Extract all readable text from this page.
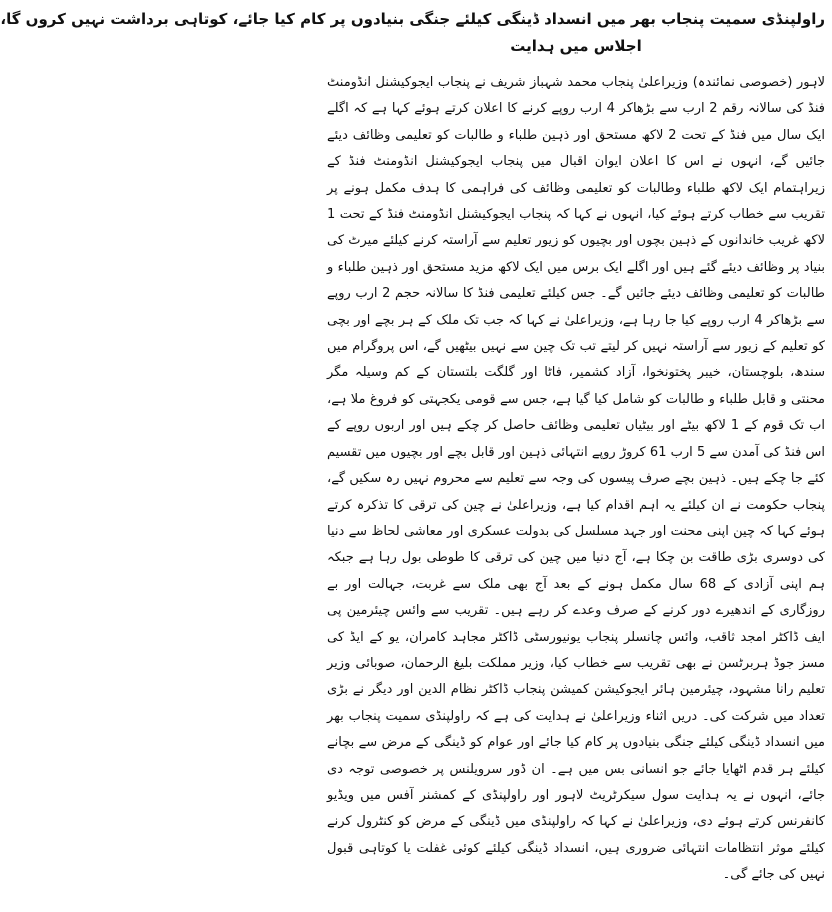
راولپنڈی سمیت پنجاب بھر میں انسداد ڈینگی کیلئے جنگی بنیادوں پر کام کیا جائے، کوتاہی برداشت نہیں کروں گا،
اجلاس میں ہدایت

لاہور (خصوصی نمائندہ) وزیراعلیٰ پنجاب محمد شہباز شریف نے پنجاب ایجوکیشنل انڈومنٹ فنڈ کی سالانہ رقم 2 ارب سے بڑھاکر 4 ارب روپے کرنے کا اعلان کرتے ہوئے کہا ہے کہ اگلے ایک سال میں فنڈ کے تحت 2 لاکھ مستحق اور ذہین طلباء و طالبات کو تعلیمی وظائف دیئے جائیں گے، انہوں نے اس کا اعلان ایوان اقبال میں پنجاب ایجوکیشنل انڈومنٹ فنڈ کے زیراہتمام ایک لاکھ طلباء وطالبات کو تعلیمی وظائف کی فراہمی کا ہدف مکمل ہونے پر تقریب سے خطاب کرتے ہوئے کیا، انہوں نے کہا کہ پنجاب ایجوکیشنل انڈومنٹ فنڈ کے تحت 1 لاکھ غریب خاندانوں کے ذہین بچوں اور بچیوں کو زیور تعلیم سے آراستہ کرنے کیلئے میرٹ کی بنیاد پر وظائف دیئے گئے ہیں اور اگلے ایک برس میں ایک لاکھ مزید مستحق اور ذہین طلباء و طالبات کو تعلیمی وظائف دیئے جائیں گے۔ جس کیلئے تعلیمی فنڈ کا سالانہ حجم 2 ارب روپے سے بڑھاکر 4 ارب روپے کیا جا رہا ہے، وزیراعلیٰ نے کہا کہ جب تک ملک کے ہر بچے اور بچی کو تعلیم کے زیور سے آراستہ نہیں کر لیتے تب تک چین سے نہیں بیٹھیں گے، اس پروگرام میں سندھ، بلوچستان، خیبر پختونخوا، آزاد کشمیر، فاٹا اور گلگت بلتستان کے کم وسیلہ مگر محنتی و قابل طلباء و طالبات کو شامل کیا گیا ہے، جس سے قومی یکجہتی کو فروغ ملا ہے، اب تک قوم کے 1 لاکھ بیٹے اور بیٹیاں تعلیمی وظائف حاصل کر چکے ہیں اور اربوں روپے کے اس فنڈ کی آمدن سے 5 ارب 61 کروڑ روپے انتہائی ذہین اور قابل بچے اور بچیوں میں تقسیم کئے جا چکے ہیں۔ ذہین بچے صرف پیسوں کی وجہ سے تعلیم سے محروم نہیں رہ سکیں گے، پنجاب حکومت نے ان کیلئے یہ اہم اقدام کیا ہے، وزیراعلیٰ نے چین کی ترقی کا تذکرہ کرتے ہوئے کہا کہ چین اپنی محنت اور جہد مسلسل کی بدولت عسکری اور معاشی لحاظ سے دنیا کی دوسری بڑی طاقت بن چکا ہے، آج دنیا میں چین کی ترقی کا طوطی بول رہا ہے جبکہ ہم اپنی آزادی کے 68 سال مکمل ہونے کے بعد آج بھی ملک سے غربت، جہالت اور بے روزگاری کے اندھیرے دور کرنے کے صرف وعدے کر رہے ہیں۔ تقریب سے وائس چیئرمین پی ایف ڈاکٹر امجد ثاقب، وائس چانسلر پنجاب یونیورسٹی ڈاکٹر مجاہد کامران، یو کے ایڈ کی مسز جوڈ ہربرٹسن نے بھی تقریب سے خطاب کیا، وزیر مملکت بلیغ الرحمان، صوبائی وزیر تعلیم رانا مشہود، چیئرمین ہائر ایجوکیشن کمیشن پنجاب ڈاکٹر نظام الدین اور دیگر نے بڑی تعداد میں شرکت کی۔ دریں اثناء وزیراعلیٰ نے ہدایت کی ہے کہ راولپنڈی سمیت پنجاب بھر میں انسداد ڈینگی کیلئے جنگی بنیادوں پر کام کیا جائے اور عوام کو ڈینگی کے مرض سے بچانے کیلئے ہر قدم اٹھایا جائے جو انسانی بس میں ہے۔ ان ڈور سرویلنس پر خصوصی توجہ دی جائے، انہوں نے یہ ہدایت سول سیکرٹریٹ لاہور اور راولپنڈی کے کمشنر آفس میں ویڈیو کانفرنس کرتے ہوئے دی، وزیراعلیٰ نے کہا کہ راولپنڈی میں ڈینگی کے مرض کو کنٹرول کرنے کیلئے موثر انتظامات انتہائی ضروری ہیں، انسداد ڈینگی کیلئے کوئی غفلت یا کوتاہی قبول نہیں کی جائے گی۔
